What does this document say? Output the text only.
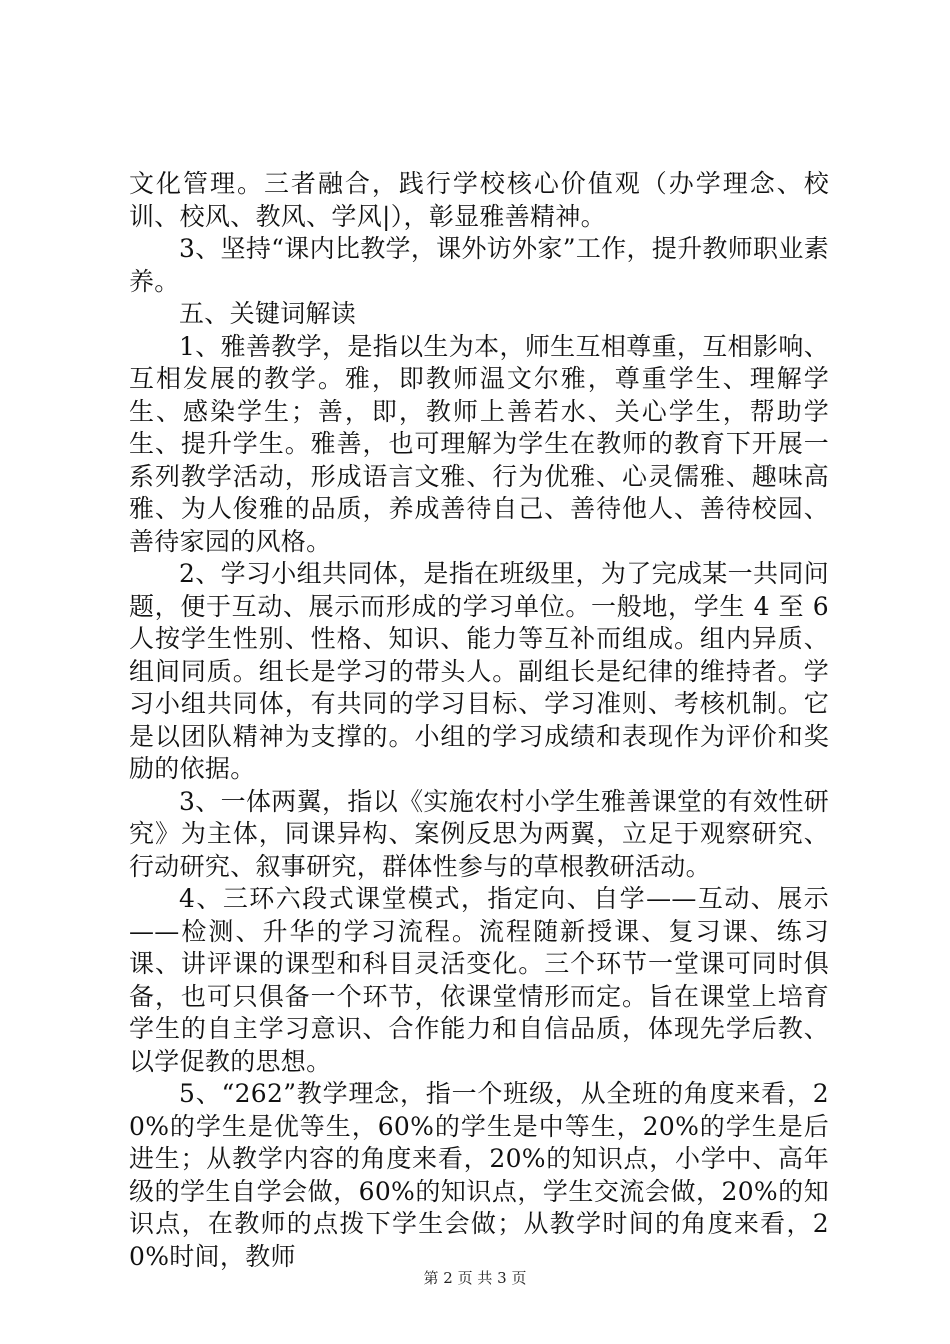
文化管理。三者融合，践行学校核心价值观（办学理念、校训、校风、教风、学风|），彰显雅善精神。

3、坚持“课内比教学，课外访外家”工作，提升教师职业素养。

五、关键词解读

1、雅善教学，是指以生为本，师生互相尊重，互相影响、互相发展的教学。雅，即教师温文尔雅，尊重学生、理解学生、感染学生；善，即，教师上善若水、关心学生，帮助学生、提升学生。雅善，也可理解为学生在教师的教育下开展一系列教学活动，形成语言文雅、行为优雅、心灵儒雅、趣味高雅、为人俊雅的品质，养成善待自己、善待他人、善待校园、善待家园的风格。

2、学习小组共同体，是指在班级里，为了完成某一共同问题，便于互动、展示而形成的学习单位。一般地，学生 4 至 6 人按学生性别、性格、知识、能力等互补而组成。组内异质、组间同质。组长是学习的带头人。副组长是纪律的维持者。学习小组共同体，有共同的学习目标、学习准则、考核机制。它是以团队精神为支撑的。小组的学习成绩和表现作为评价和奖励的依据。

3、一体两翼，指以《实施农村小学生雅善课堂的有效性研究》为主体，同课异构、案例反思为两翼，立足于观察研究、行动研究、叙事研究，群体性参与的草根教研活动。

4、三环六段式课堂模式，指定向、自学——互动、展示——检测、升华的学习流程。流程随新授课、复习课、练习课、讲评课的课型和科目灵活变化。三个环节一堂课可同时俱备，也可只俱备一个环节，依课堂情形而定。旨在课堂上培育学生的自主学习意识、合作能力和自信品质，体现先学后教、以学促教的思想。

5、“262”教学理念，指一个班级，从全班的角度来看，20%的学生是优等生，60%的学生是中等生，20%的学生是后进生；从教学内容的角度来看，20%的知识点，小学中、高年级的学生自学会做，60%的知识点，学生交流会做，20%的知识点，在教师的点拨下学生会做；从教学时间的角度来看，20%时间，教师

第 2 页 共 3 页
